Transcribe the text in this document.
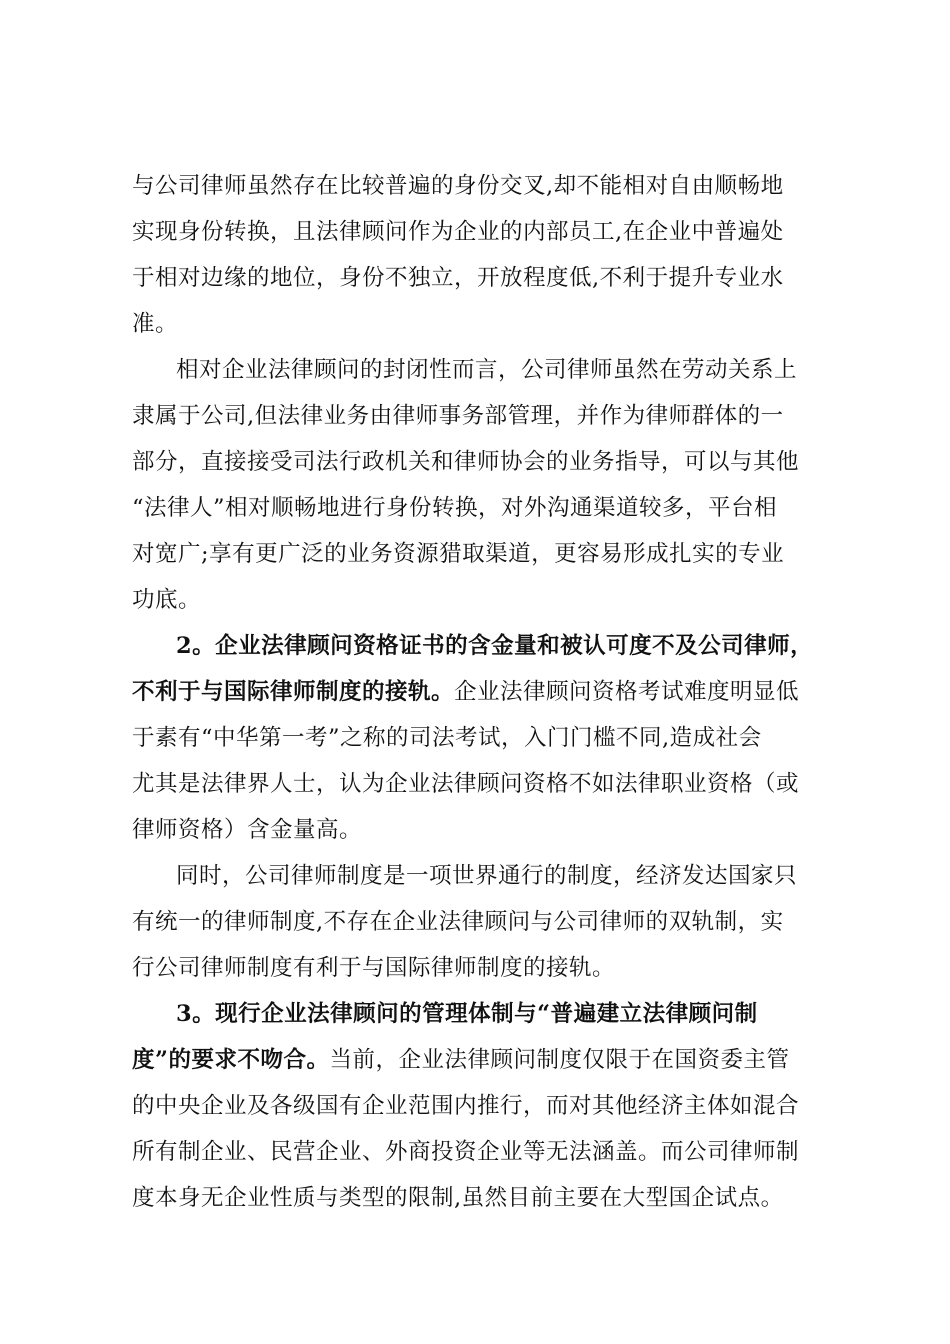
与公司律师虽然存在比较普遍的身份交叉,却不能相对自由顺畅地
实现身份转换，且法律顾问作为企业的内部员工,在企业中普遍处
于相对边缘的地位，身份不独立，开放程度低,不利于提升专业水
准。
相对企业法律顾问的封闭性而言，公司律师虽然在劳动关系上
隶属于公司,但法律业务由律师事务部管理，并作为律师群体的一
部分，直接接受司法行政机关和律师协会的业务指导，可以与其他
“法律人”相对顺畅地进行身份转换，对外沟通渠道较多，平台相
对宽广;享有更广泛的业务资源猎取渠道，更容易形成扎实的专业
功底。
2。企业法律顾问资格证书的含金量和被认可度不及公司律师，
不利于与国际律师制度的接轨。企业法律顾问资格考试难度明显低
于素有“中华第一考”之称的司法考试，入门门槛不同,造成社会
尤其是法律界人士，认为企业法律顾问资格不如法律职业资格（或
律师资格）含金量高。
同时，公司律师制度是一项世界通行的制度，经济发达国家只
有统一的律师制度,不存在企业法律顾问与公司律师的双轨制，实
行公司律师制度有利于与国际律师制度的接轨。
3。现行企业法律顾问的管理体制与“普遍建立法律顾问制
度”的要求不吻合。当前，企业法律顾问制度仅限于在国资委主管
的中央企业及各级国有企业范围内推行，而对其他经济主体如混合
所有制企业、民营企业、外商投资企业等无法涵盖。而公司律师制
度本身无企业性质与类型的限制,虽然目前主要在大型国企试点。
